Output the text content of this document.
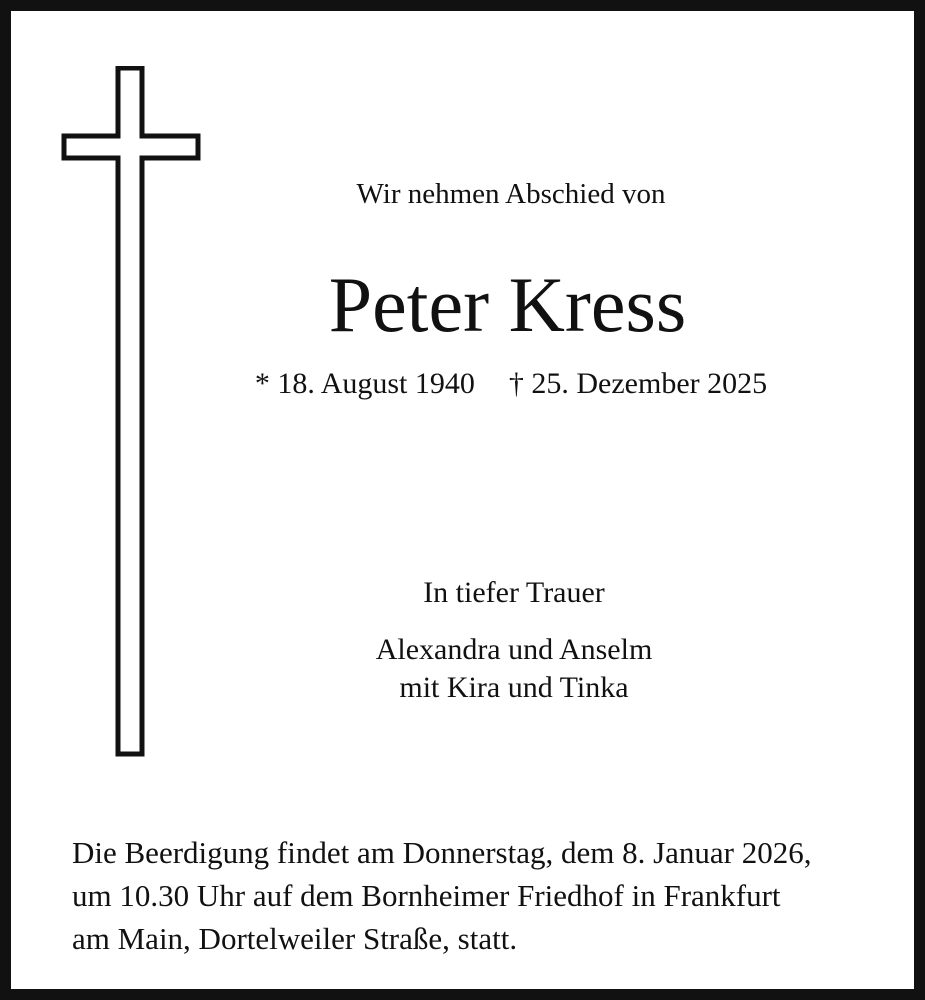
Wir nehmen Abschied von
Peter Kress
* 18. August 1940 † 25. Dezember 2025
In tiefer Trauer
Alexandra und Anselm
mit Kira und Tinka
Die Beerdigung findet am Donnerstag, dem 8. Januar 2026,
um 10.30 Uhr auf dem Bornheimer Friedhof in Frankfurt
am Main, Dortelweiler Straße, statt.
